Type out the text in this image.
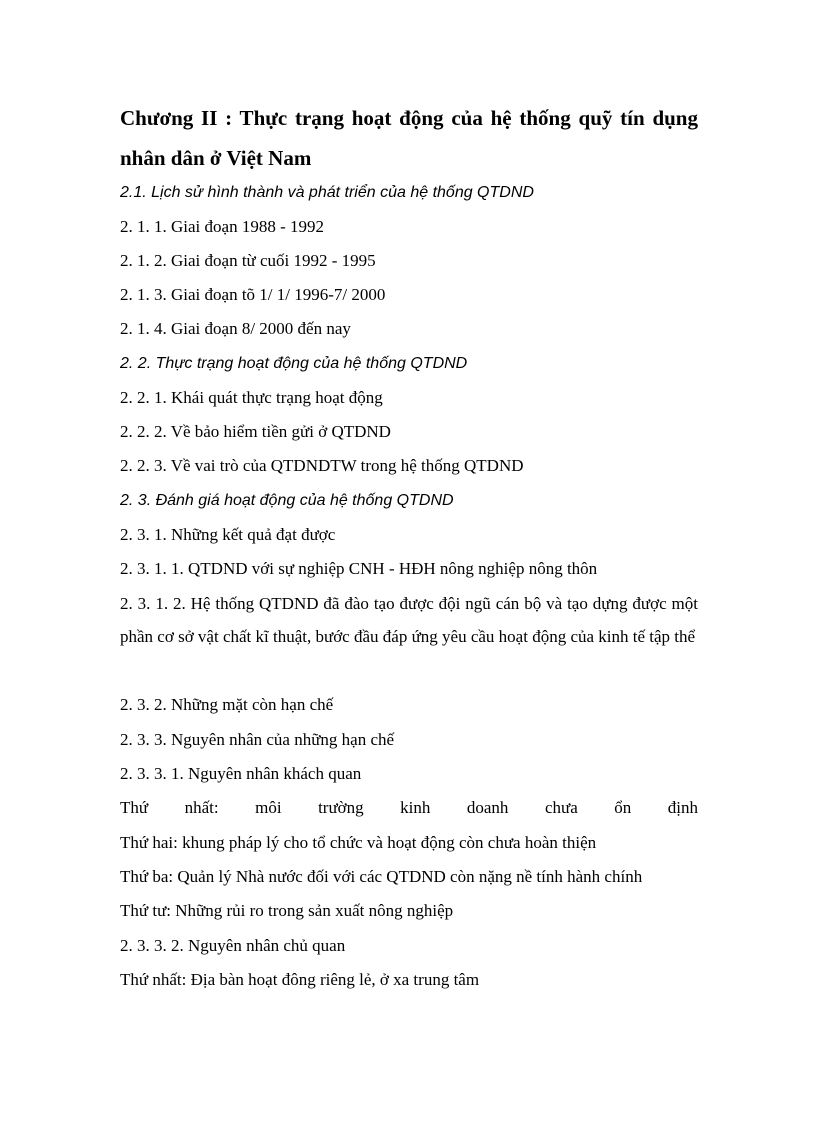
Chương II : Thực trạng hoạt động của hệ thống quỹ tín dụng nhân dân ở Việt Nam
2.1. Lịch sử hình thành và phát triển của hệ thống QTDND
2. 1. 1. Giai đoạn 1988 - 1992
2. 1. 2. Giai đoạn từ cuối 1992 - 1995
2. 1. 3. Giai đoạn tõ 1/ 1/ 1996-7/ 2000
2. 1. 4. Giai đoạn 8/ 2000 đến nay
2. 2. Thực trạng hoạt động của hệ thống QTDND
2. 2. 1. Khái quát thực trạng hoạt động
2. 2. 2. Về bảo hiểm tiền gửi ở QTDND
2. 2. 3. Về vai trò của QTDNDTW trong hệ thống QTDND
2. 3. Đánh giá hoạt động của hệ thống QTDND
2. 3. 1. Những kết quả đạt được
2. 3. 1. 1. QTDND với sự nghiệp CNH - HĐH nông nghiệp nông thôn
2. 3. 1. 2. Hệ thống QTDND đã đào tạo được đội ngũ cán bộ và tạo dựng được một phần cơ sở vật chất kĩ thuật, bước đầu đáp ứng yêu cầu hoạt động của kinh tế tập thể
2. 3. 2. Những mặt còn hạn chế
2. 3. 3. Nguyên nhân của những hạn chế
2. 3. 3. 1. Nguyên nhân khách quan
Thứ nhất: môi trường kinh doanh chưa ổn định
Thứ hai: khung pháp lý cho tổ chức và hoạt động còn chưa hoàn thiện
Thứ ba: Quản lý Nhà nước đối với các QTDND còn nặng nề tính hành chính
Thứ tư: Những rủi ro trong sản xuất nông nghiệp
2. 3. 3. 2. Nguyên nhân chủ quan
Thứ nhất: Địa bàn hoạt đông riêng lẻ, ở xa trung tâm
